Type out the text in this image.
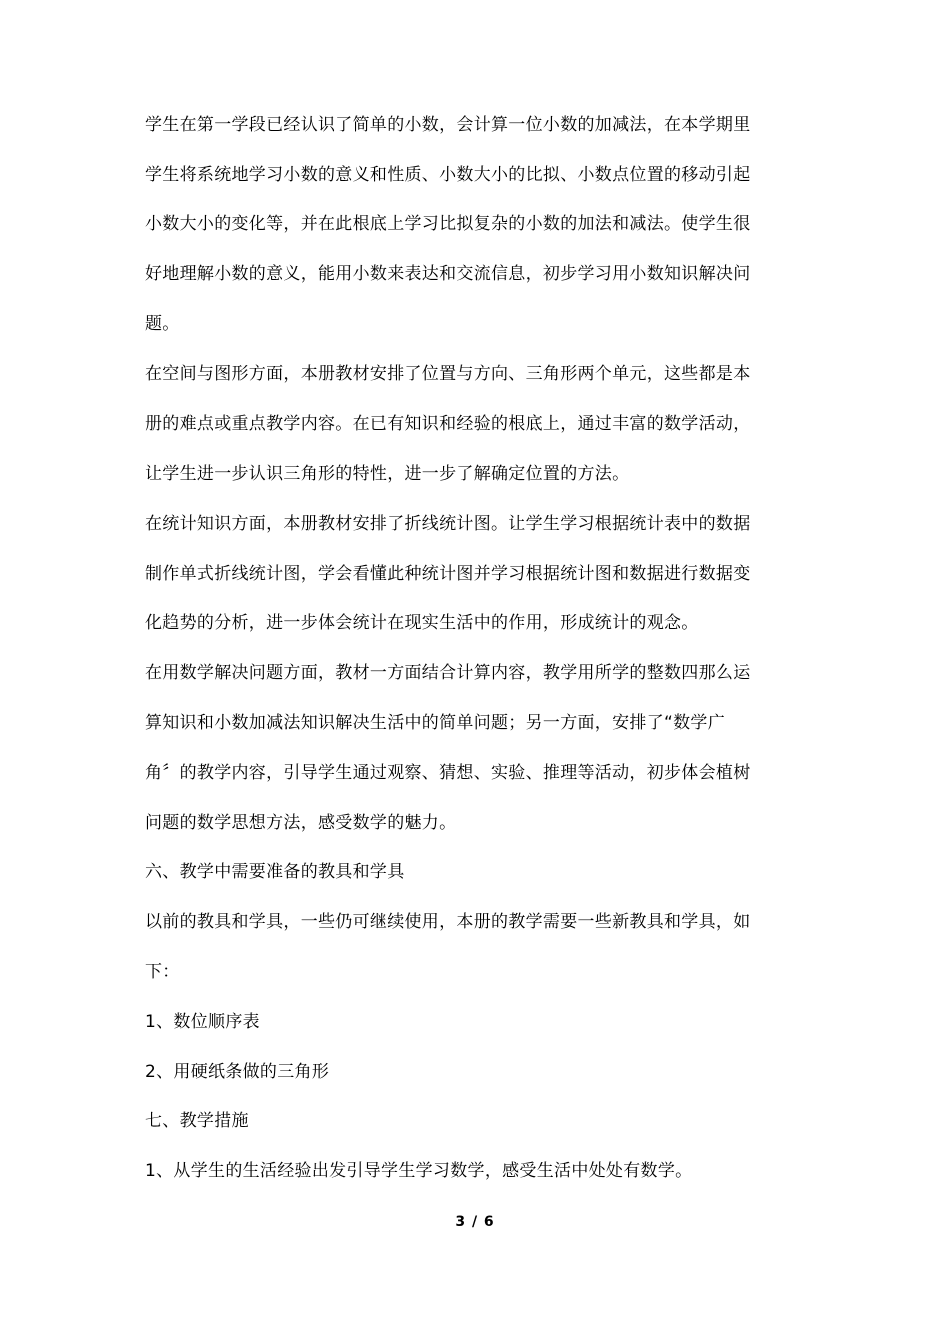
学生在第一学段已经认识了简单的小数，会计算一位小数的加减法，在本学期里
学生将系统地学习小数的意义和性质、小数大小的比拟、小数点位置的移动引起
小数大小的变化等，并在此根底上学习比拟复杂的小数的加法和减法。使学生很
好地理解小数的意义，能用小数来表达和交流信息，初步学习用小数知识解决问
题。
在空间与图形方面，本册教材安排了位置与方向、三角形两个单元，这些都是本
册的难点或重点教学内容。在已有知识和经验的根底上，通过丰富的数学活动，
让学生进一步认识三角形的特性，进一步了解确定位置的方法。
在统计知识方面，本册教材安排了折线统计图。让学生学习根据统计表中的数据
制作单式折线统计图，学会看懂此种统计图并学习根据统计图和数据进行数据变
化趋势的分析，进一步体会统计在现实生活中的作用，形成统计的观念。
在用数学解决问题方面，教材一方面结合计算内容，教学用所学的整数四那么运
算知识和小数加减法知识解决生活中的简单问题；另一方面，安排了“数学广
角〞的教学内容，引导学生通过观察、猜想、实验、推理等活动，初步体会植树
问题的数学思想方法，感受数学的魅力。
六、教学中需要准备的教具和学具
以前的教具和学具，一些仍可继续使用，本册的教学需要一些新教具和学具，如
下：
1、数位顺序表
2、用硬纸条做的三角形
七、教学措施
1、从学生的生活经验出发引导学生学习数学，感受生活中处处有数学。
3 / 6
